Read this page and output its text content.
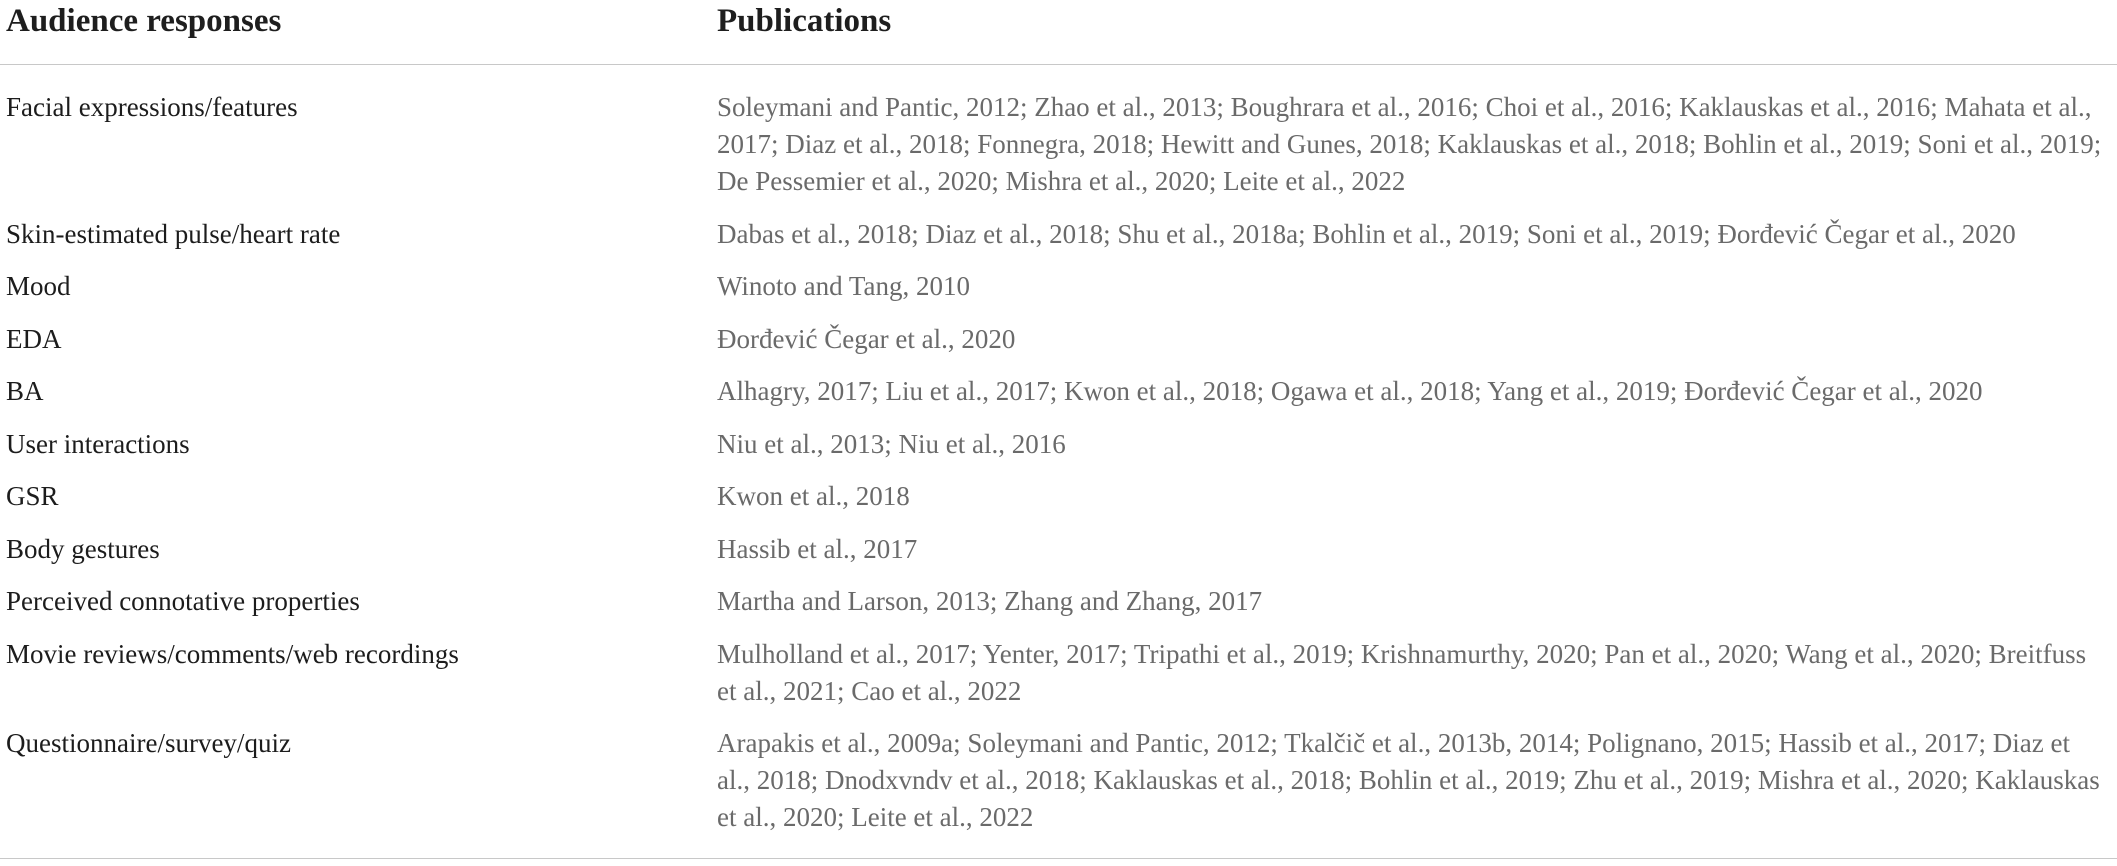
Audience responses	Publications
Facial expressions/features	Soleymani and Pantic, 2012; Zhao et al., 2013; Boughrara et al., 2016; Choi et al., 2016; Kaklauskas et al., 2016; Mahata et al., 2017; Diaz et al., 2018; Fonnegra, 2018; Hewitt and Gunes, 2018; Kaklauskas et al., 2018; Bohlin et al., 2019; Soni et al., 2019; De Pessemier et al., 2020; Mishra et al., 2020; Leite et al., 2022
Skin-estimated pulse/heart rate	Dabas et al., 2018; Diaz et al., 2018; Shu et al., 2018a; Bohlin et al., 2019; Soni et al., 2019; Đorđević Čegar et al., 2020
Mood	Winoto and Tang, 2010
EDA	Đorđević Čegar et al., 2020
BA	Alhagry, 2017; Liu et al., 2017; Kwon et al., 2018; Ogawa et al., 2018; Yang et al., 2019; Đorđević Čegar et al., 2020
User interactions	Niu et al., 2013; Niu et al., 2016
GSR	Kwon et al., 2018
Body gestures	Hassib et al., 2017
Perceived connotative properties	Martha and Larson, 2013; Zhang and Zhang, 2017
Movie reviews/comments/web recordings	Mulholland et al., 2017; Yenter, 2017; Tripathi et al., 2019; Krishnamurthy, 2020; Pan et al., 2020; Wang et al., 2020; Breitfuss et al., 2021; Cao et al., 2022
Questionnaire/survey/quiz	Arapakis et al., 2009a; Soleymani and Pantic, 2012; Tkalčič et al., 2013b, 2014; Polignano, 2015; Hassib et al., 2017; Diaz et al., 2018; Dnodxvndv et al., 2018; Kaklauskas et al., 2018; Bohlin et al., 2019; Zhu et al., 2019; Mishra et al., 2020; Kaklauskas et al., 2020; Leite et al., 2022
